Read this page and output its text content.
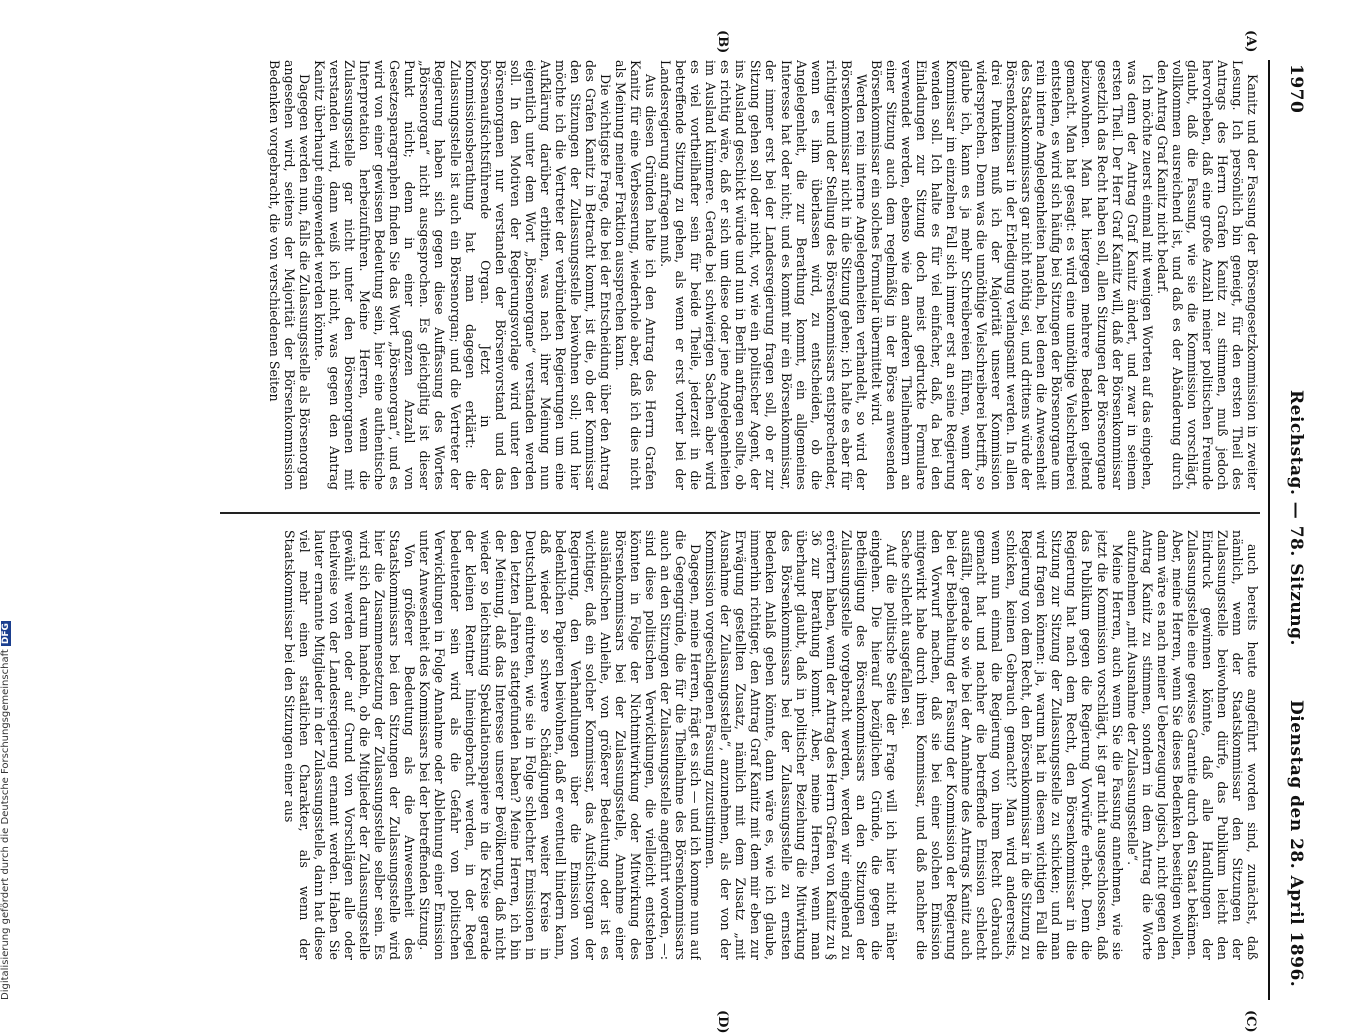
1970
Reichstag. — 78. Sitzung.
Dienstag den 28. April 1896.
(A)
(B)
(C)
(D)

Kanitz und der Fassung der Börsengesetzkommission in zweiter Lesung. Ich persönlich bin geneigt, für den ersten Theil des Antrags des Herrn Grafen Kanitz zu stimmen, muß jedoch hervorheben, daß eine große Anzahl meiner politischen Freunde glaubt, daß die Fassung, wie sie die Kommission vorschlägt, vollkommen ausreichend ist, und daß es der Abänderung durch den Antrag Graf Kanitz nicht bedarf.

Ich möchte zuerst einmal mit wenigen Worten auf das eingehen, was denn der Antrag Graf Kanitz ändert, und zwar in seinem ersten Theil. Der Herr Graf Kanitz will, daß der Börsenkommissar gesetzlich das Recht haben soll, allen Sitzungen der Börsenorgane beizuwohnen. Man hat hiergegen mehrere Bedenken geltend gemacht. Man hat gesagt: es wird eine unnöthige Vielschreiberei entstehen, es wird sich häufig bei Sitzungen der Börsenorgane um rein interne Angelegenheiten handeln, bei denen die Anwesenheit des Staatskommissars gar nicht nöthig sei, und drittens würde der Börsenkommissar in der Erledigung verlangsamt werden. In allen drei Punkten muß ich der Majorität unserer Kommission widersprechen. Denn was die unnöthige Vielschreiberei betrifft, so glaube ich, kann es ja mehr Schreibereien führen, wenn der Kommissar im einzelnen Fall sich immer erst an seine Regierung wenden soll. Ich halte es für viel einfacher, daß, da bei den Einladungen zur Sitzung doch meist gedruckte Formulare verwendet werden, ebenso wie den anderen Theilnehmern an einer Sitzung auch dem regelmäßig in der Börse anwesenden Börsenkommissar ein solches Formular übermittelt wird.

Werden rein interne Angelegenheiten verhandelt, so wird der Börsenkommissar nicht in die Sitzung gehen; ich halte es aber für richtiger und der Stellung des Börsenkommissars entsprechender, wenn es ihm überlassen wird, zu entscheiden, ob die Angelegenheit, die zur Berathung kommt, ein allgemeines Interesse hat oder nicht; und es kommt mir ein Börsenkommissar, der immer erst bei der Landesregierung fragen soll, ob er zur Sitzung gehen soll oder nicht, vor, wie ein politischer Agent, der ins Ausland geschickt würde und nun in Berlin anfragen sollte, ob es richtig wäre, daß er sich um diese oder jene Angelegenheiten im Ausland kümmere. Gerade bei schwierigen Sachen aber wird es viel vortheilhafter sein für beide Theile, jederzeit in die betreffende Sitzung zu gehen, als wenn er erst vorher bei der Landesregierung anfragen muß.

Aus diesen Gründen halte ich den Antrag des Herrn Grafen Kanitz für eine Verbesserung, wiederhole aber, daß ich dies nicht als Meinung meiner Fraktion aussprechen kann.

Die wichtigste Frage, die bei der Entscheidung über den Antrag des Grafen Kanitz in Betracht kommt, ist die, ob der Kommissar den Sitzungen der Zulassungsstelle beiwohnen soll; und hier möchte ich die Vertreter der verbündeten Regierungen um eine Aufklärung darüber erbitten, was nach ihrer Meinung nun eigentlich unter dem Wort „Börsenorgane“ verstanden werden soll. In den Motiven der Regierungsvorlage wird unter den Börsenorganen nur verstanden der Börsenvorstand und das börsenaufsichtsführende Organ. Jetzt in der Kommissionsberathung hat man dagegen erklärt: die Zulassungsstelle ist auch ein Börsenorgan; und die Vertreter der Regierung haben sich gegen diese Auffassung des Wortes „Börsenorgan“ nicht ausgesprochen. Es gleichgiltig ist dieser Punkt nicht; denn in einer ganzen Anzahl von Gesetzesparagraphen finden Sie das Wort „Börsenorgan“, und es wird von einer gewissen Bedeutung sein, hier eine authentische Interpretation herbeizuführen. Meine Herren, wenn die Zulassungsstelle gar nicht unter den Börsenorganen mit verstanden wird, dann weiß ich nicht, was gegen den Antrag Kanitz überhaupt eingewendet werden könnte.

Dagegen werden nun, falls die Zulassungsstelle als Börsenorgan angesehen wird, seitens der Majorität der Börsenkommission Bedenken vorgebracht, die von verschiedenen Seiten

auch bereits heute angeführt worden sind, zunächst, daß nämlich, wenn der Staatskommissar den Sitzungen der Zulassungsstelle beiwohnen dürfe, das Publikum leicht den Eindruck gewinnen könnte, daß alle Handlungen der Zulassungsstelle eine gewisse Garantie durch den Staat bekämen. Aber, meine Herren, wenn Sie dieses Bedenken beseitigen wollen, dann wäre es nach meiner Ueberzeugung logisch, nicht gegen den Antrag Kanitz zu stimmen, sondern in dem Antrag die Worte aufzunehmen „mit Ausnahme der Zulassungsstelle“.

Meine Herren, auch wenn Sie die Fassung annehmen, wie sie jetzt die Kommission vorschlägt, ist gar nicht ausgeschlossen, daß das Publikum gegen die Regierung Vorwürfe erhebt. Denn die Regierung hat nach dem Recht, den Börsenkommissar in die Sitzung zur Sitzung der Zulassungsstelle zu schicken; und man wird fragen können: ja, warum hat in diesem wichtigen Fall die Regierung von dem Recht, den Börsenkommissar in die Sitzung zu schicken, keinen Gebrauch gemacht? Man wird andererseits, wenn nun einmal die Regierung von ihrem Recht Gebrauch gemacht hat und nachher die betreffende Emission schlecht ausfällt, gerade so wie bei der Annahme des Antrags Kanitz auch bei der Beibehaltung der Fassung der Kommission der Regierung den Vorwurf machen, daß sie bei einer solchen Emission mitgewirkt habe durch ihren Kommissar, und daß nachher die Sache schlecht ausgefallen sei.

Auf die politische Seite der Frage will ich hier nicht näher eingehen. Die hierauf bezüglichen Gründe, die gegen die Betheiligung des Börsenkommissars an den Sitzungen der Zulassungsstelle vorgebracht werden, werden wir eingehend zu erörtern haben, wenn der Antrag des Herrn Grafen von Kanitz zu § 36 zur Berathung kommt. Aber, meine Herren, wenn man überhaupt glaubt, daß in politischer Beziehung die Mitwirkung des Börsenkommissars bei der Zulassungsstelle zu ernsten Bedenken Anlaß geben könnte, dann wäre es, wie ich glaube, immerhin richtiger, den Antrag Graf Kanitz mit dem mir eben zur Erwägung gestellten Zusatz, nämlich mit dem Zusatz „mit Ausnahme der Zulassungsstelle“, anzunehmen, als der von der Kommission vorgeschlagenen Fassung zuzustimmen.

Dagegen, meine Herren, frägt es sich — und ich komme nun auf die Gegengründe, die für die Theilnahme des Börsenkommissars auch an den Sitzungen der Zulassungsstelle angeführt worden, —: sind diese politischen Verwicklungen, die vielleicht entstehen könnten in Folge der Nichtmitwirkung oder Mitwirkung des Börsenkommissars bei der Zulassungsstelle, Annahme einer ausländischen Anleihe, von größerer Bedeutung oder ist es wichtiger, daß ein solcher Kommissar, das Aufsichtsorgan der Regierung, den Verhandlungen über die Emission von bedenklichen Papieren beiwohnen, daß er eventuell hindern kann, daß wieder so schwere Schädigungen weiter Kreise in Deutschland eintreten, wie sie in Folge schlechter Emissionen in den letzten Jahren stattgefunden haben? Meine Herren, ich bin der Meinung, daß das Interesse unserer Bevölkerung, daß nicht wieder so leichtsinnig Spekulationspapiere in die Kreise gerade der kleinen Rentner hineingebracht werden, in der Regel bedeutender sein wird als die Gefahr von politischen Verwicklungen in Folge Annahme oder Ablehnung einer Emission unter Anwesenheit des Kommissars bei der betreffenden Sitzung.

Von größerer Bedeutung als die Anwesenheit des Staatskommissars bei den Sitzungen der Zulassungsstelle wird hier die Zusammensetzung der Zulassungsstelle selber sein. Es wird sich darum handeln, ob die Mitglieder der Zulassungsstelle gewählt werden oder auf Grund von Vorschlägen alle oder theilweise von der Landesregierung ernannt werden. Haben Sie lauter ernannte Mitglieder in der Zulassungsstelle, dann hat diese viel mehr einen staatlichen Charakter, als wenn der Staatskommissar bei den Sitzungen einer aus

Digitalisierung gefördert durch die Deutsche ForschungsgemeinschaftDFG
